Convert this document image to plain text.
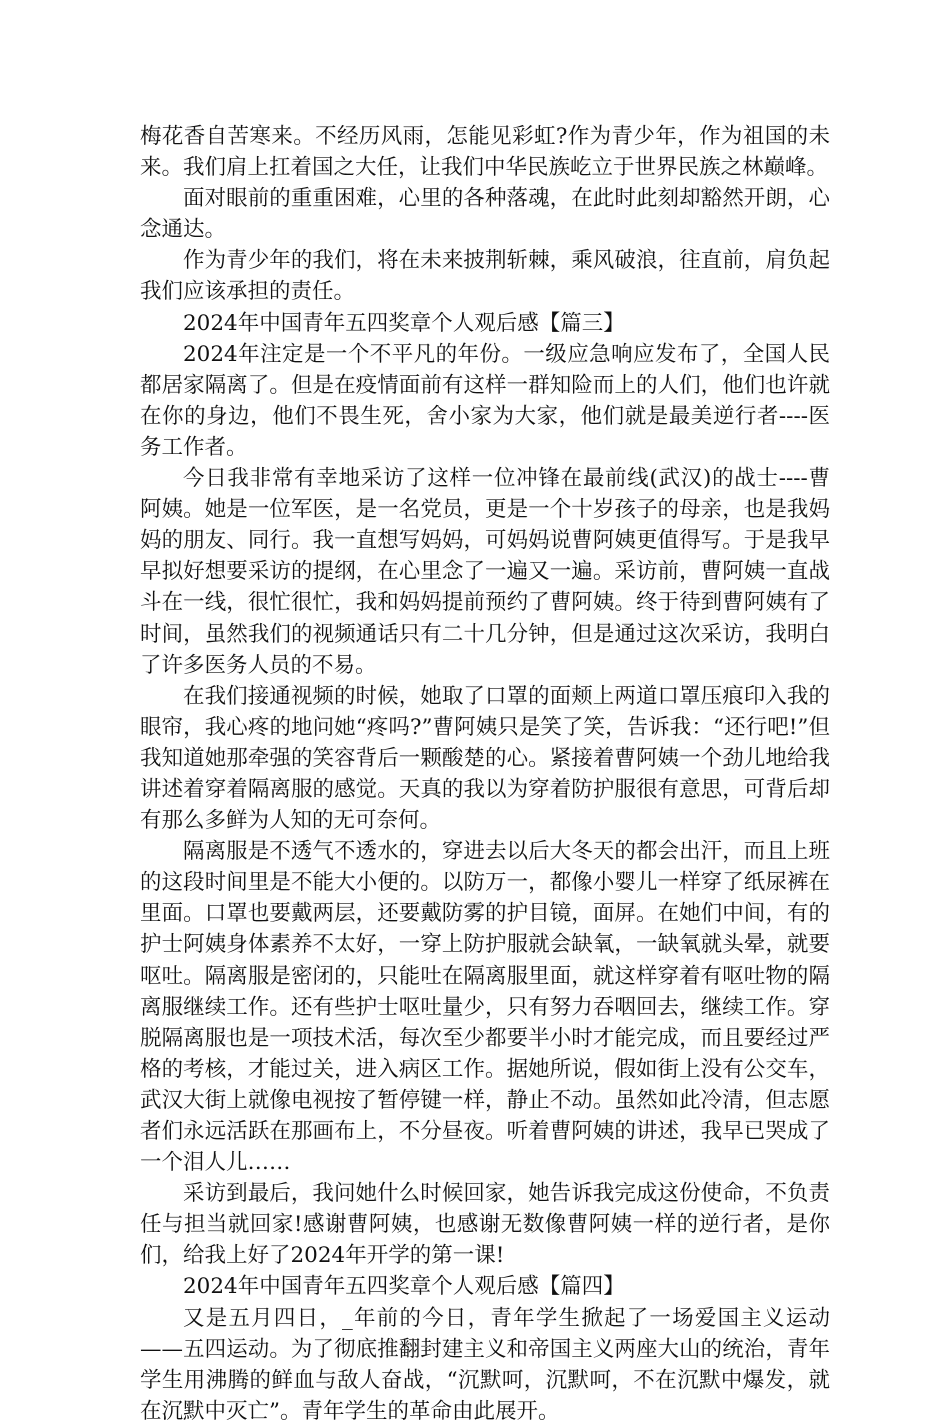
梅花香自苦寒来。不经历风雨，怎能见彩虹?作为青少年，作为祖国的未来。我们肩上扛着国之大任，让我们中华民族屹立于世界民族之林巅峰。

面对眼前的重重困难，心里的各种落魂，在此时此刻却豁然开朗，心念通达。

作为青少年的我们，将在未来披荆斩棘，乘风破浪，往直前，肩负起我们应该承担的责任。

2024年中国青年五四奖章个人观后感【篇三】

2024年注定是一个不平凡的年份。一级应急响应发布了，全国人民都居家隔离了。但是在疫情面前有这样一群知险而上的人们，他们也许就在你的身边，他们不畏生死，舍小家为大家，他们就是最美逆行者----医务工作者。

今日我非常有幸地采访了这样一位冲锋在最前线(武汉)的战士----曹阿姨。她是一位军医，是一名党员，更是一个十岁孩子的母亲，也是我妈妈的朋友、同行。我一直想写妈妈，可妈妈说曹阿姨更值得写。于是我早早拟好想要采访的提纲，在心里念了一遍又一遍。采访前，曹阿姨一直战斗在一线，很忙很忙，我和妈妈提前预约了曹阿姨。终于待到曹阿姨有了时间，虽然我们的视频通话只有二十几分钟，但是通过这次采访，我明白了许多医务人员的不易。

在我们接通视频的时候，她取了口罩的面颊上两道口罩压痕印入我的眼帘，我心疼的地问她“疼吗?”曹阿姨只是笑了笑，告诉我：“还行吧!”但我知道她那牵强的笑容背后一颗酸楚的心。紧接着曹阿姨一个劲儿地给我讲述着穿着隔离服的感觉。天真的我以为穿着防护服很有意思，可背后却有那么多鲜为人知的无可奈何。

隔离服是不透气不透水的，穿进去以后大冬天的都会出汗，而且上班的这段时间里是不能大小便的。以防万一，都像小婴儿一样穿了纸尿裤在里面。口罩也要戴两层，还要戴防雾的护目镜，面屏。在她们中间，有的护士阿姨身体素养不太好，一穿上防护服就会缺氧，一缺氧就头晕，就要呕吐。隔离服是密闭的，只能吐在隔离服里面，就这样穿着有呕吐物的隔离服继续工作。还有些护士呕吐量少，只有努力吞咽回去，继续工作。穿脱隔离服也是一项技术活，每次至少都要半小时才能完成，而且要经过严格的考核，才能过关，进入病区工作。据她所说，假如街上没有公交车，武汉大街上就像电视按了暂停键一样，静止不动。虽然如此冷清，但志愿者们永远活跃在那画布上，不分昼夜。听着曹阿姨的讲述，我早已哭成了一个泪人儿……

采访到最后，我问她什么时候回家，她告诉我完成这份使命，不负责任与担当就回家!感谢曹阿姨，也感谢无数像曹阿姨一样的逆行者，是你们，给我上好了2024年开学的第一课!

2024年中国青年五四奖章个人观后感【篇四】

又是五月四日，_年前的今日，青年学生掀起了一场爱国主义运动——五四运动。为了彻底推翻封建主义和帝国主义两座大山的统治，青年学生用沸腾的鲜血与敌人奋战，“沉默呵，沉默呵，不在沉默中爆发，就在沉默中灭亡”。青年学生的革命由此展开。
